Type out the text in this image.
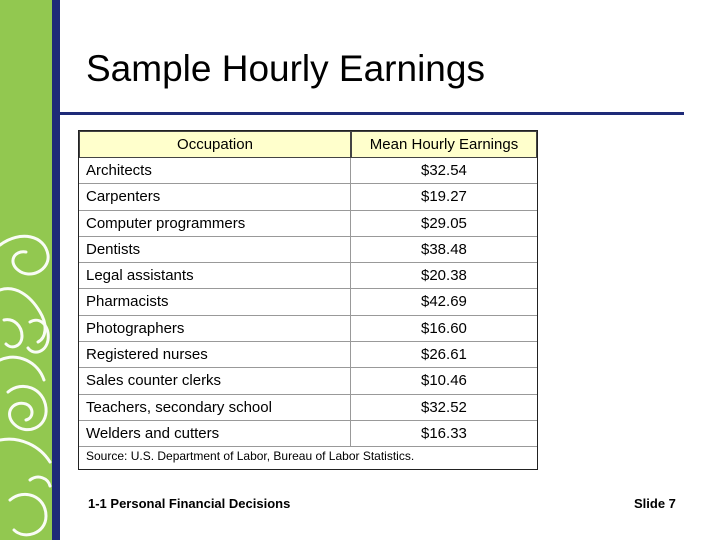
Sample Hourly Earnings
Occupation	Mean Hourly Earnings
Architects	$32.54
Carpenters	$19.27
Computer programmers	$29.05
Dentists	$38.48
Legal assistants	$20.38
Pharmacists	$42.69
Photographers	$16.60
Registered nurses	$26.61
Sales counter clerks	$10.46
Teachers, secondary school	$32.52
Welders and cutters	$16.33
Source: U.S. Department of Labor, Bureau of Labor Statistics.
1-1 Personal Financial Decisions	Slide 7
